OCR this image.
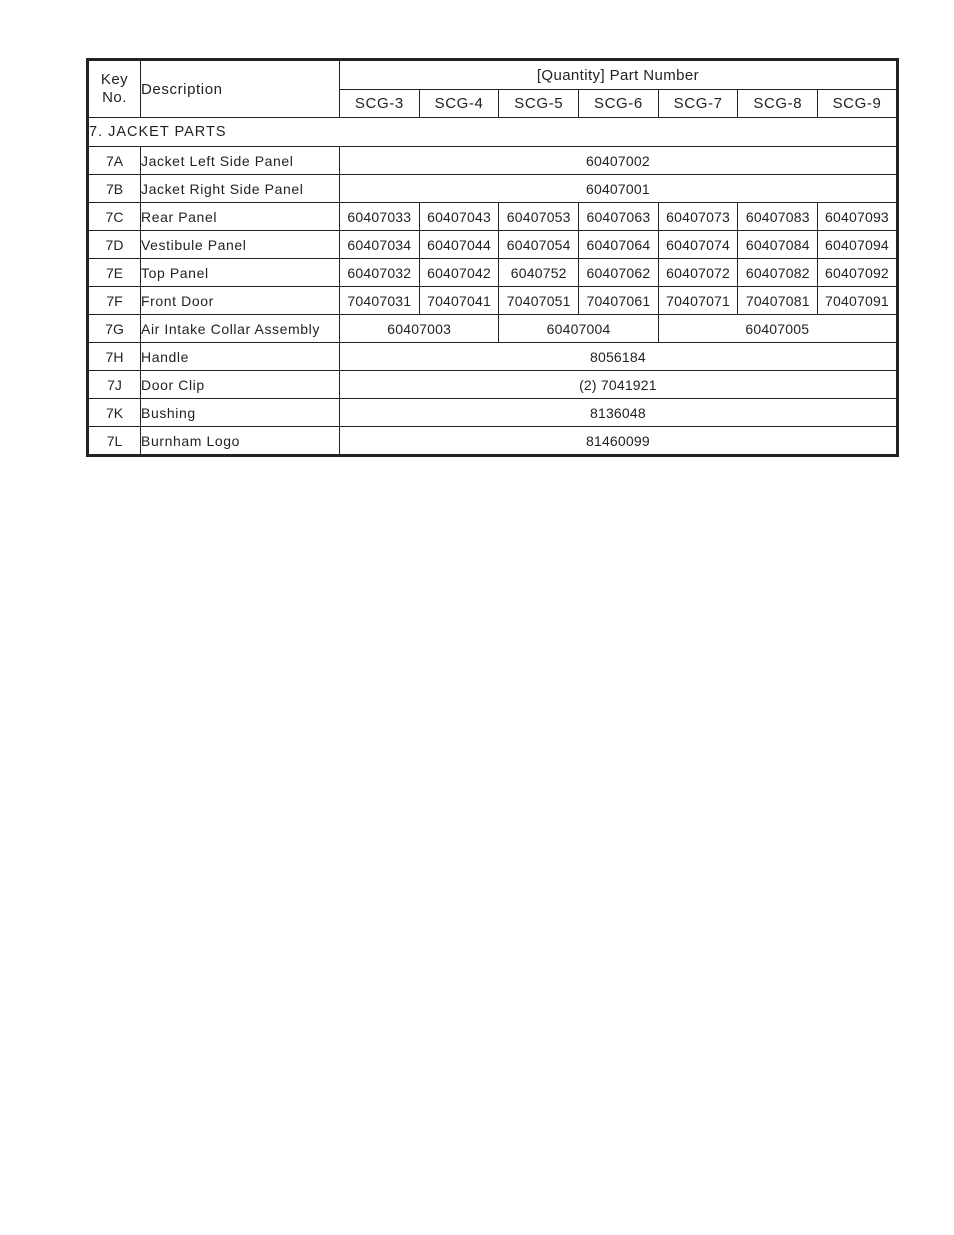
Key
No.	Description	[Quantity] Part Number						
		SCG-3	SCG-4	SCG-5	SCG-6	SCG-7	SCG-8	SCG-9
7. JACKET PARTS								
7A	Jacket Left Side Panel	60407002						
7B	Jacket Right Side Panel	60407001						
7C	Rear Panel	60407033	60407043	60407053	60407063	60407073	60407083	60407093
7D	Vestibule Panel	60407034	60407044	60407054	60407064	60407074	60407084	60407094
7E	Top Panel	60407032	60407042	6040752	60407062	60407072	60407082	60407092
7F	Front Door	70407031	70407041	70407051	70407061	70407071	70407081	70407091
7G	Air Intake Collar Assembly	60407003		60407004		60407005		
7H	Handle	8056184						
7J	Door Clip	(2) 7041921						
7K	Bushing	8136048						
7L	Burnham Logo	81460099						
